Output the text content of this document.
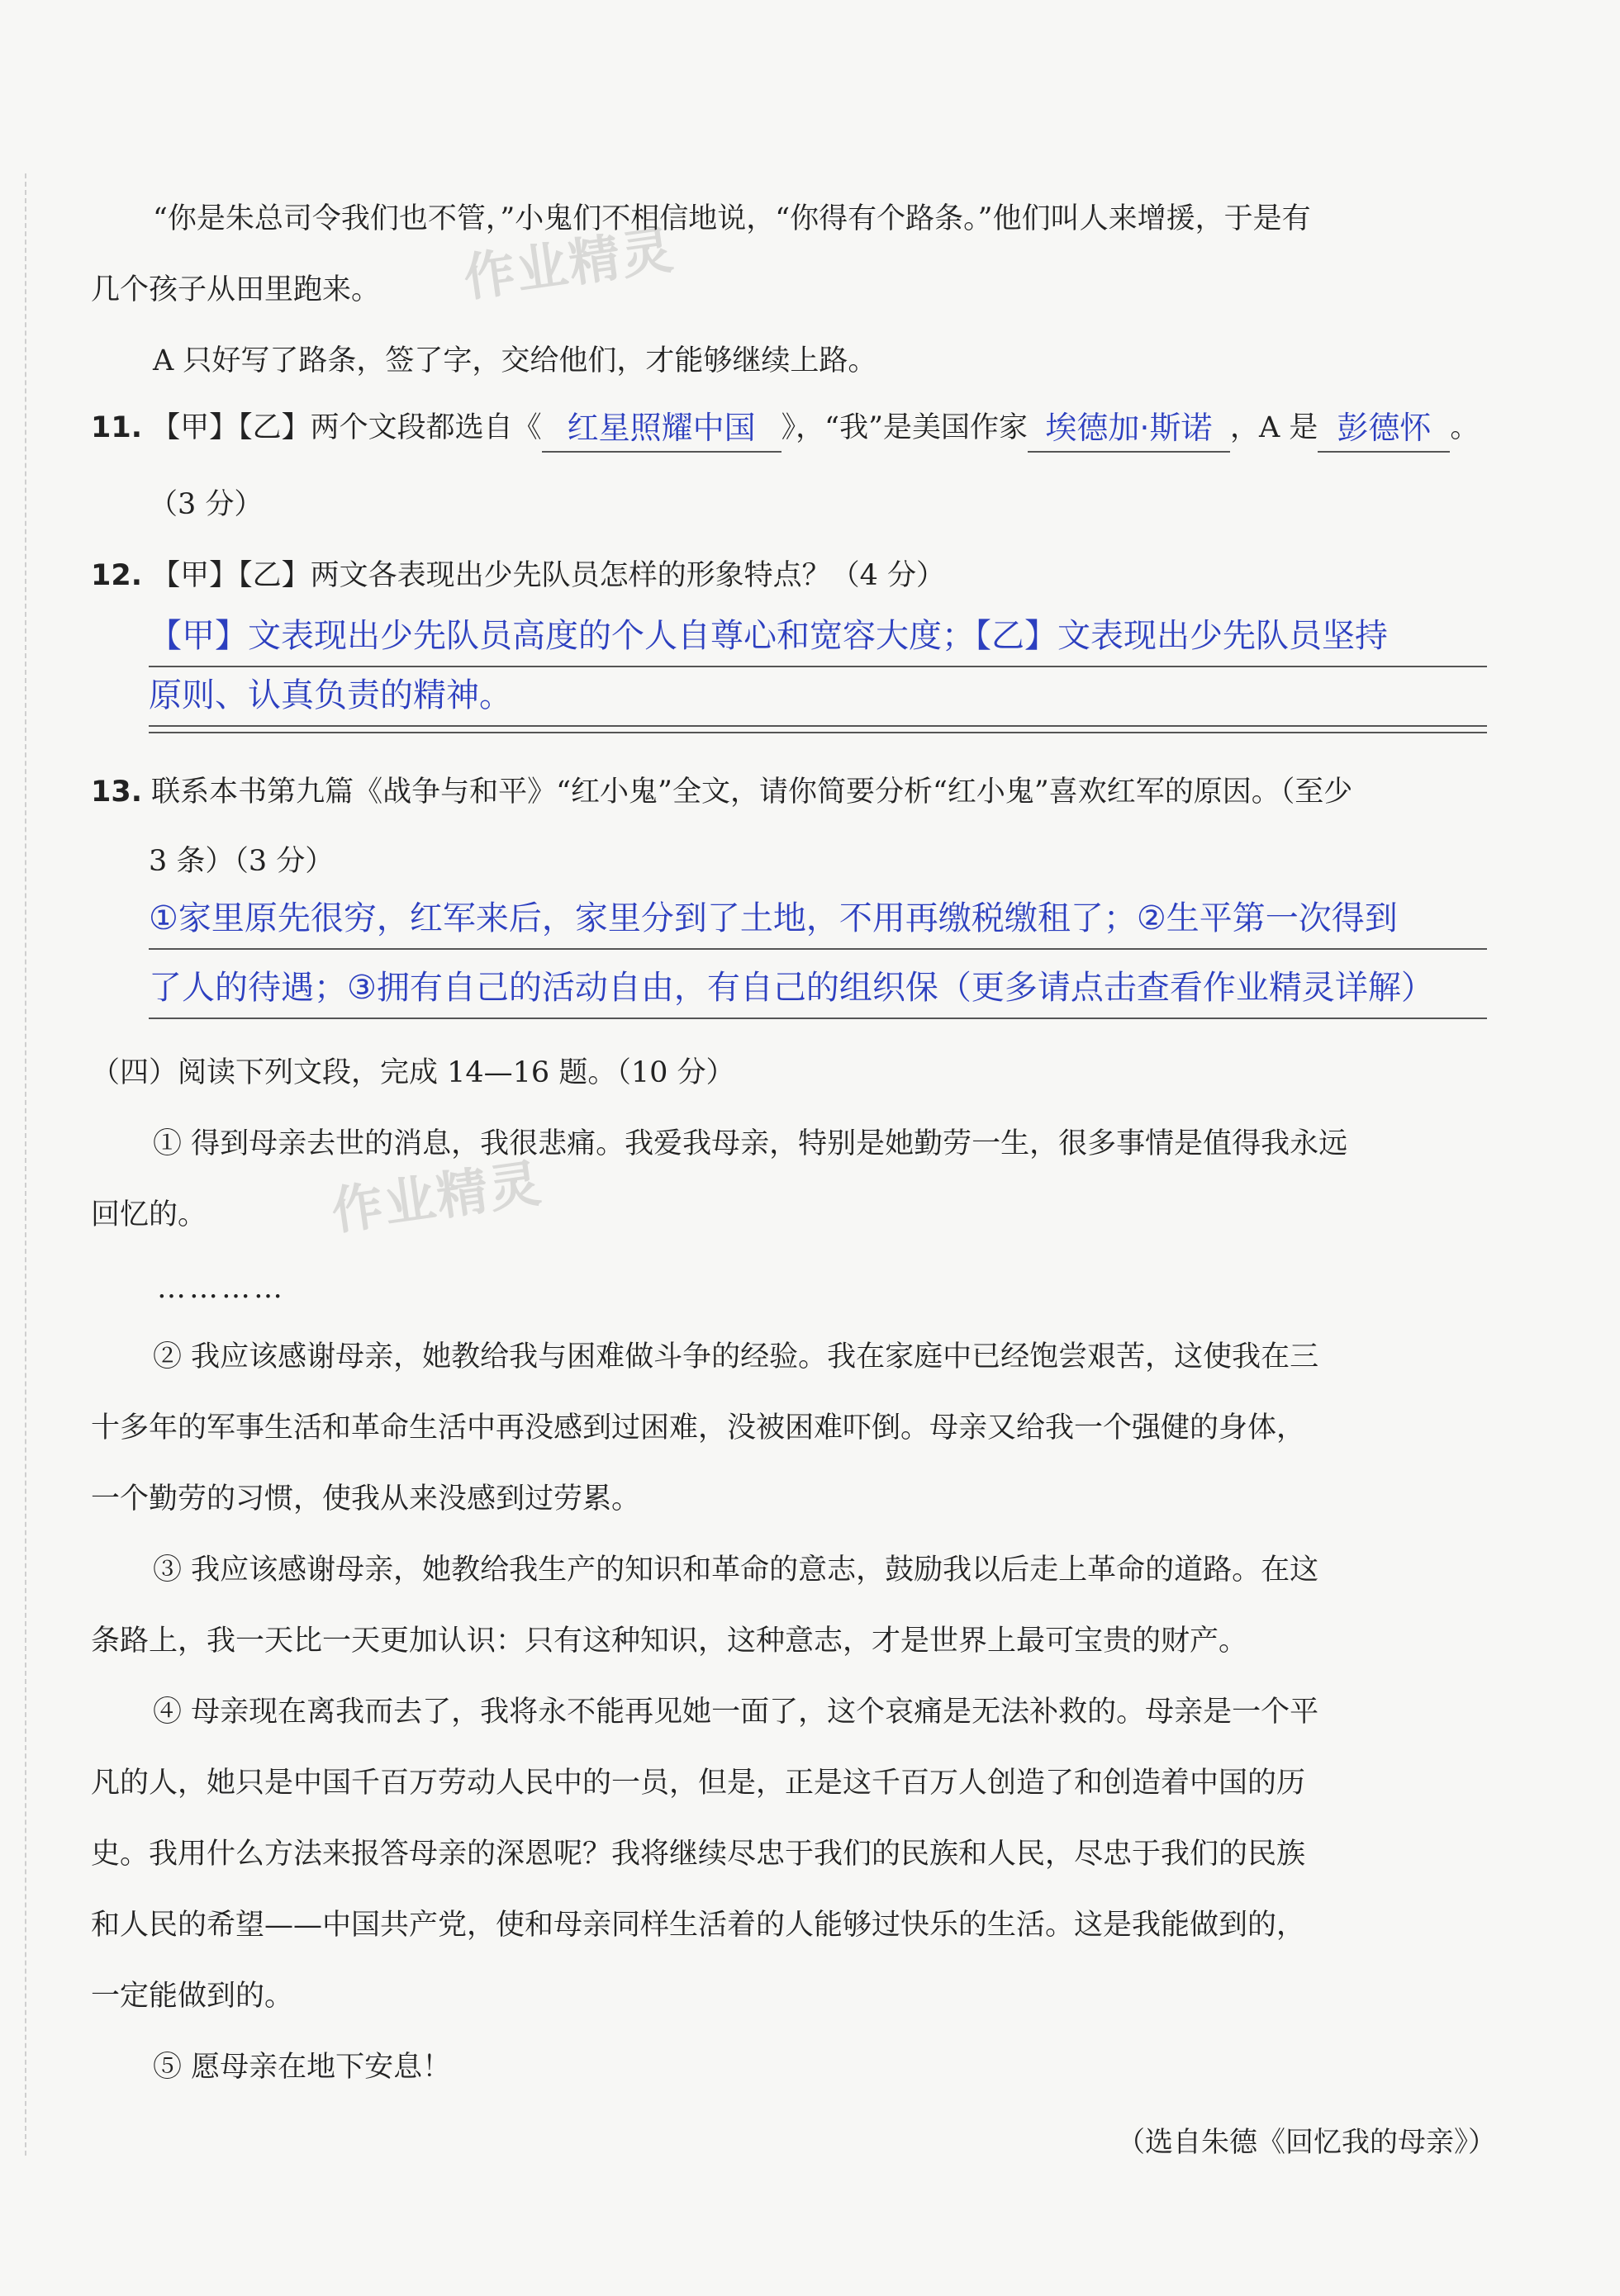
作业精灵
作业精灵
“你是朱总司令我们也不管，”小鬼们不相信地说，“你得有个路条。”他们叫人来增援，于是有
几个孩子从田里跑来。
A 只好写了路条，签了字，交给他们，才能够继续上路。
11. 【甲】【乙】两个文段都选自《 红星照耀中国 》，“我”是美国作家 埃德加·斯诺 ，A 是 彭德怀 。
（3 分）
12. 【甲】【乙】两文各表现出少先队员怎样的形象特点？（4 分）
【甲】文表现出少先队员高度的个人自尊心和宽容大度；【乙】文表现出少先队员坚持
原则、认真负责的精神。
13. 联系本书第九篇《战争与和平》“红小鬼”全文，请你简要分析“红小鬼”喜欢红军的原因。（至少
3 条）（3 分）
①家里原先很穷，红军来后，家里分到了土地，不用再缴税缴租了；②生平第一次得到
了人的待遇；③拥有自己的活动自由，有自己的组织保（更多请点击查看作业精灵详解）
（四）阅读下列文段，完成 14—16 题。（10 分）
① 得到母亲去世的消息，我很悲痛。我爱我母亲，特别是她勤劳一生，很多事情是值得我永远
回忆的。
…………
② 我应该感谢母亲，她教给我与困难做斗争的经验。我在家庭中已经饱尝艰苦，这使我在三
十多年的军事生活和革命生活中再没感到过困难，没被困难吓倒。母亲又给我一个强健的身体，
一个勤劳的习惯，使我从来没感到过劳累。
③ 我应该感谢母亲，她教给我生产的知识和革命的意志，鼓励我以后走上革命的道路。在这
条路上，我一天比一天更加认识：只有这种知识，这种意志，才是世界上最可宝贵的财产。
④ 母亲现在离我而去了，我将永不能再见她一面了，这个哀痛是无法补救的。母亲是一个平
凡的人，她只是中国千百万劳动人民中的一员，但是，正是这千百万人创造了和创造着中国的历
史。我用什么方法来报答母亲的深恩呢？我将继续尽忠于我们的民族和人民，尽忠于我们的民族
和人民的希望——中国共产党，使和母亲同样生活着的人能够过快乐的生活。这是我能做到的，
一定能做到的。
⑤ 愿母亲在地下安息！
（选自朱德《回忆我的母亲》）
